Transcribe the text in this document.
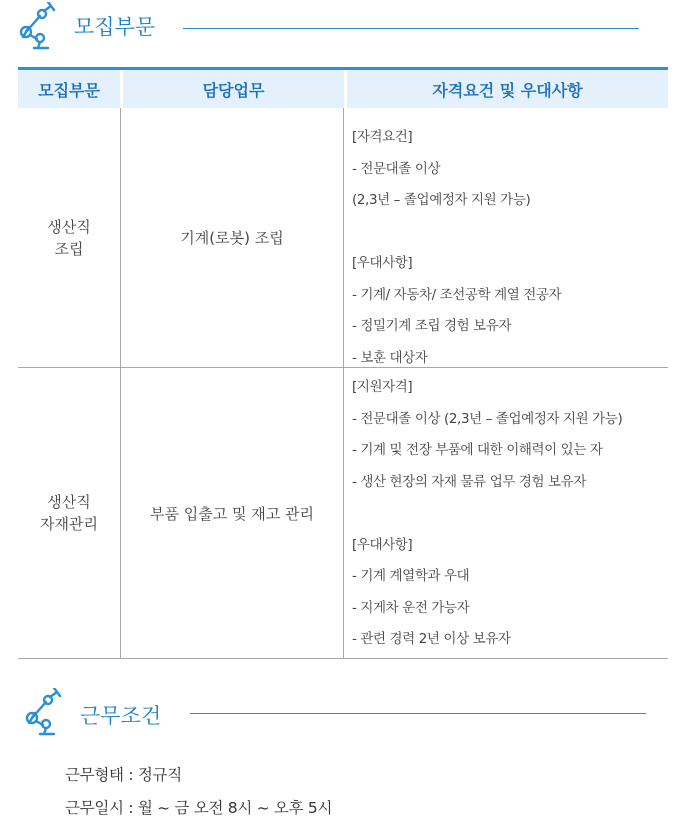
모집부문
모집부문	담당업무	자격요건 및 우대사항
생산직
조립
기계(로봇) 조립
[자격요건]
- 전문대졸 이상
(2,3년 – 졸업예정자 지원 가능)
[우대사항]
- 기계/ 자동차/ 조선공학 계열 전공자
- 정밀기계 조립 경험 보유자
- 보훈 대상자
생산직
자재관리
부품 입출고 및 재고 관리
[지원자격]
- 전문대졸 이상 (2,3년 – 졸업예정자 지원 가능)
- 기계 및 전장 부품에 대한 이해력이 있는 자
- 생산 현장의 자재 물류 업무 경험 보유자
[우대사항]
- 기계 계열학과 우대
- 지게차 운전 가능자
- 관련 경력 2년 이상 보유자
근무조건
근무형태 : 정규직
근무일시 : 월 ~ 금 오전 8시 ~ 오후 5시
